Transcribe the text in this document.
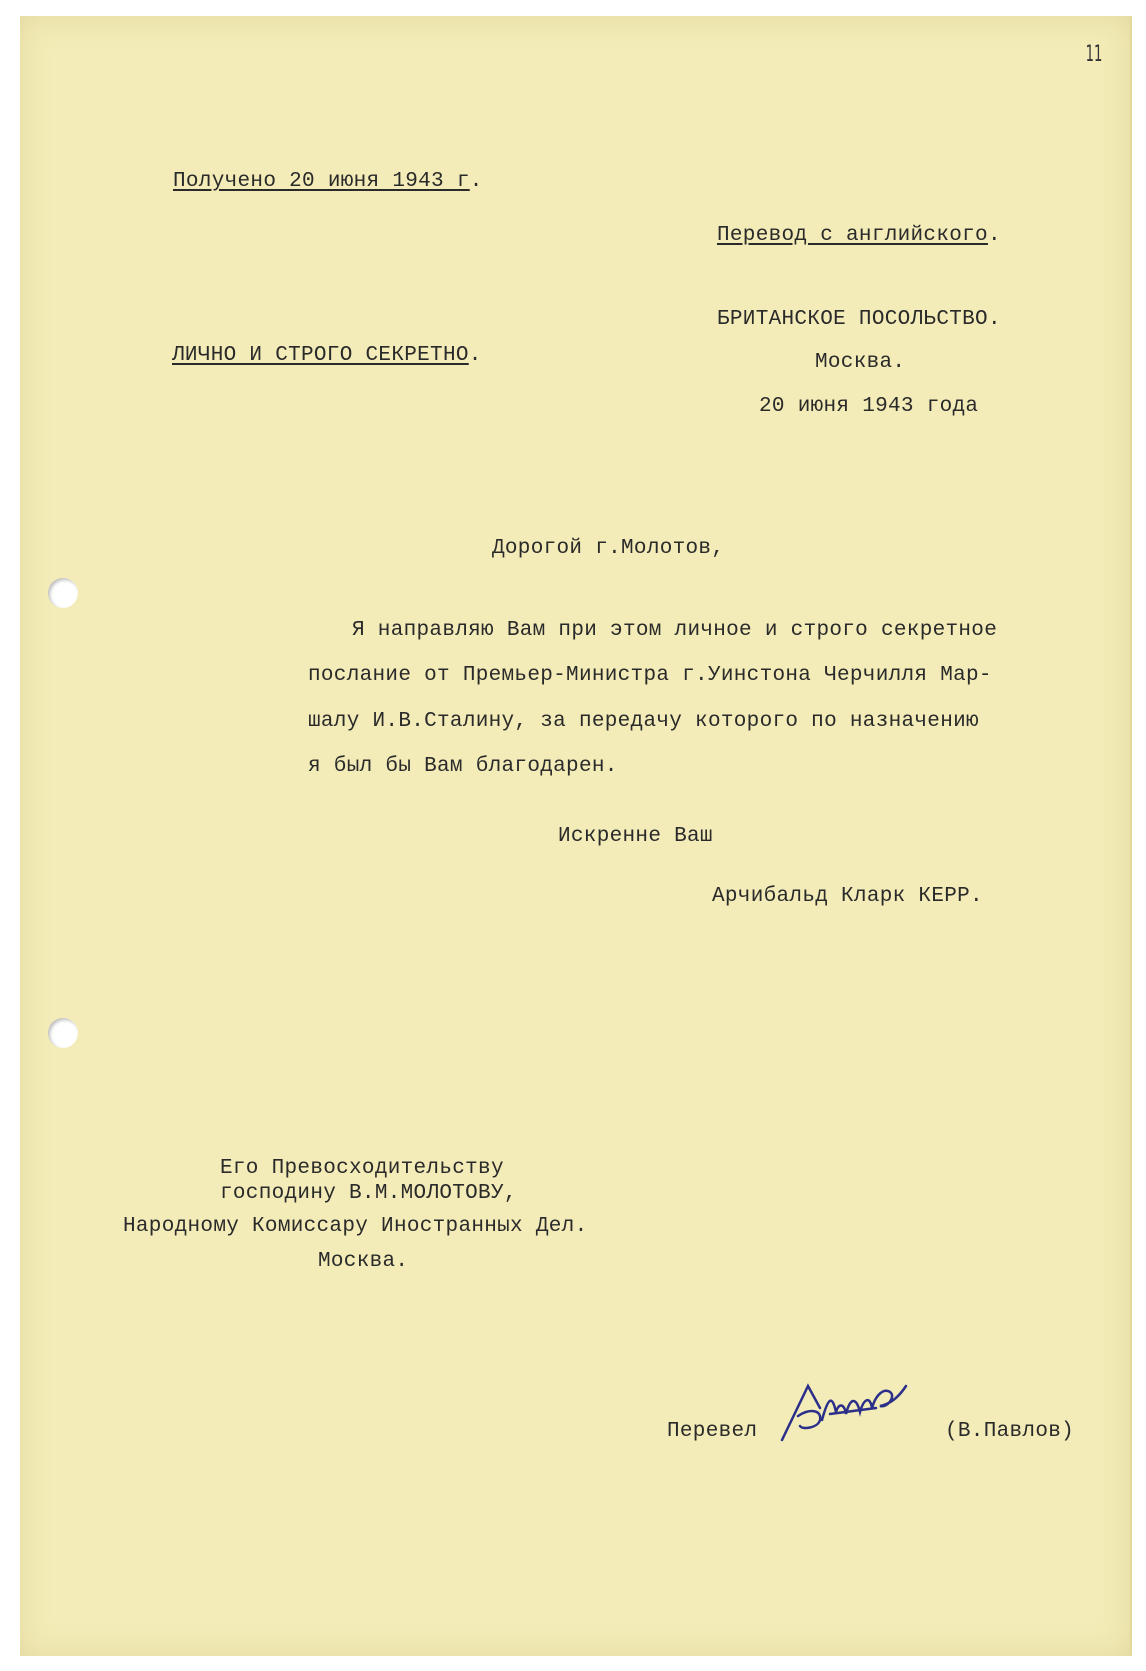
11
Получено 20 июня 1943 г.
Перевод с английского.
БРИТАНСКОЕ ПОСОЛЬСТВО.
Москва.
20 июня 1943 года
ЛИЧНО И СТРОГО СЕКРЕТНО.
Дорогой г.Молотов,
Я направляю Вам при этом личное и строго секретное
послание от Премьер-Министра г.Уинстона Черчилля Мар-
шалу И.В.Сталину, за передачу которого по назначению
я был бы Вам благодарен.
Искренне Ваш
Арчибальд Кларк КЕРР.
Его Превосходительству
господину В.М.МОЛОТОВУ,
Народному Комиссару Иностранных Дел.
Москва.
Перевел	(В.Павлов)
